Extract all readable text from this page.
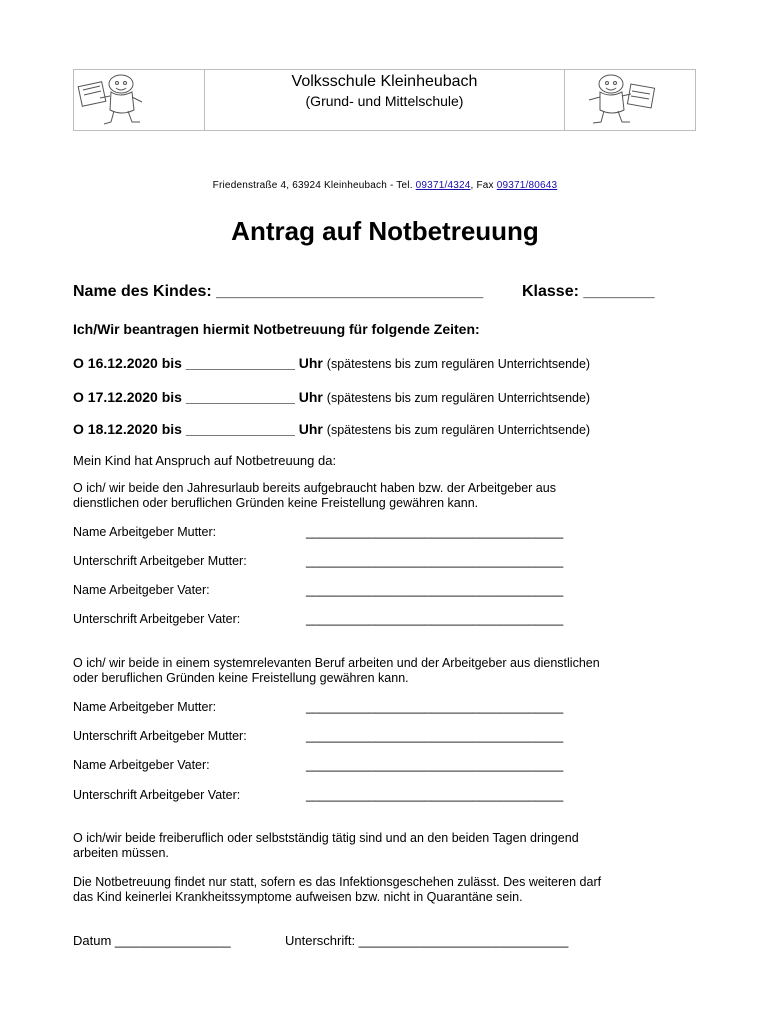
Volksschule Kleinheubach
(Grund- und Mittelschule)
Friedenstraße 4, 63924 Kleinheubach - Tel. 09371/4324, Fax 09371/80643
Antrag auf Notbetreuung
Name des Kindes: ______________________________ Klasse: ________
Ich/Wir beantragen hiermit Notbetreuung für folgende Zeiten:
O 16.12.2020 bis ______________ Uhr (spätestens bis zum regulären Unterrichtsende)
O 17.12.2020 bis ______________ Uhr (spätestens bis zum regulären Unterrichtsende)
O 18.12.2020 bis ______________ Uhr (spätestens bis zum regulären Unterrichtsende)
Mein Kind hat Anspruch auf Notbetreuung da:
O ich/ wir beide den Jahresurlaub bereits aufgebraucht haben bzw. der Arbeitgeber aus
dienstlichen oder beruflichen Gründen keine Freistellung gewähren kann.
Name Arbeitgeber Mutter:	_____________________________________
Unterschrift Arbeitgeber Mutter:	_____________________________________
Name Arbeitgeber Vater:	_____________________________________
Unterschrift Arbeitgeber Vater:	_____________________________________
O ich/ wir beide in einem systemrelevanten Beruf arbeiten und der Arbeitgeber aus dienstlichen
oder beruflichen Gründen keine Freistellung gewähren kann.
Name Arbeitgeber Mutter:	_____________________________________
Unterschrift Arbeitgeber Mutter:	_____________________________________
Name Arbeitgeber Vater:	_____________________________________
Unterschrift Arbeitgeber Vater:	_____________________________________
O ich/wir beide freiberuflich oder selbstständig tätig sind und an den beiden Tagen dringend
arbeiten müssen.
Die Notbetreuung findet nur statt, sofern es das Infektionsgeschehen zulässt. Des weiteren darf
das Kind keinerlei Krankheitssymptome aufweisen bzw. nicht in Quarantäne sein.
Datum ________________	Unterschrift: _____________________________
